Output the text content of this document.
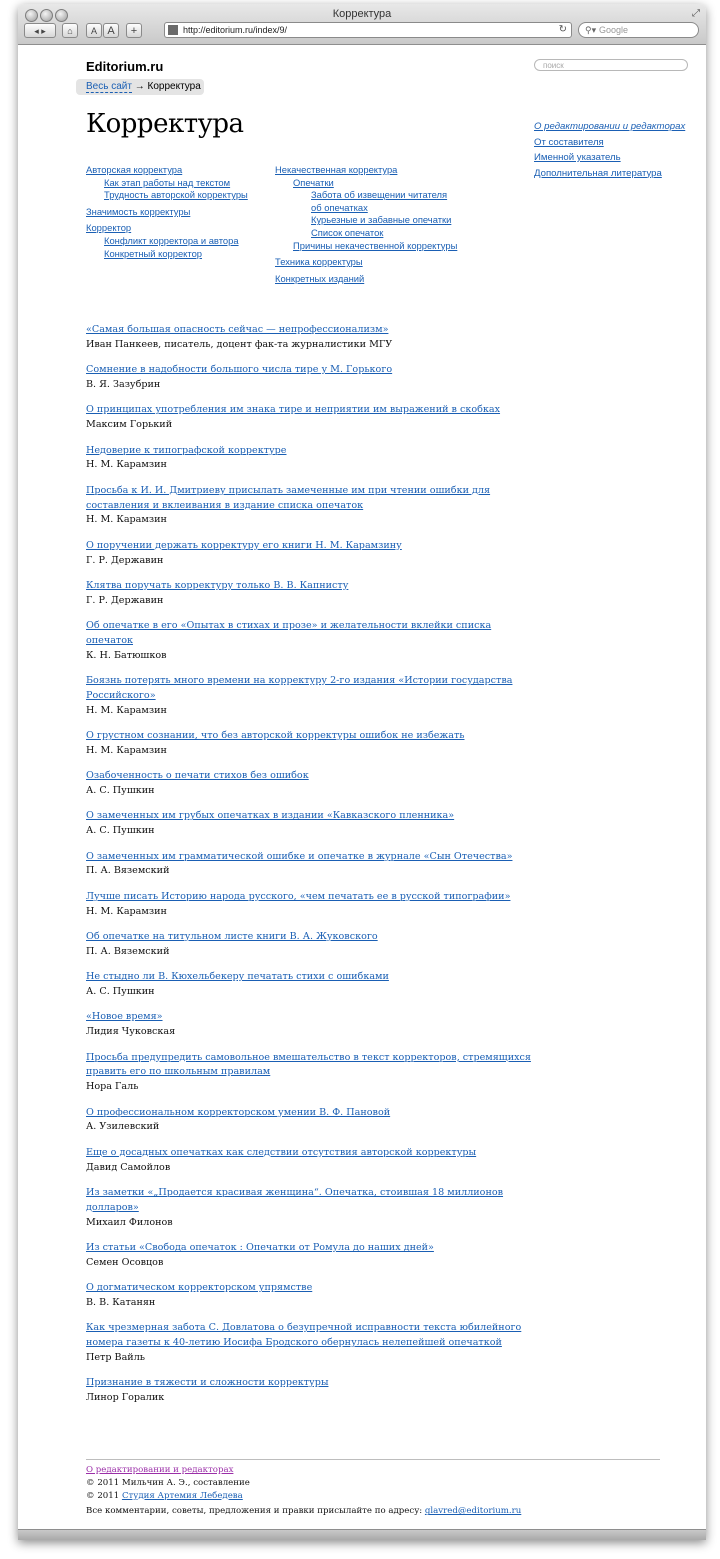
Корректура	⤢
◂ ▸	⌂	A A	+	http://editorium.ru/index/9/	↻ ⚲▾ Google
Editorium.ru
Весь сайт → Корректура
поиск
Корректура
Авторская корректура
Как этап работы над текстом
Трудность авторской корректуры
Значимость корректуры
Корректор
Конфликт корректора и автора
Конкретный корректор
Некачественная корректура
Опечатки
Забота об извещении читателя
об опечатках
Курьезные и забавные опечатки
Список опечаток
Причины некачественной корректуры
Техника корректуры
Конкретных изданий
О редактировании и редакторах
От составителя
Именной указатель
Дополнительная литература
«Самая большая опасность сейчас — непрофессионализм»
Иван Панкеев, писатель, доцент фак-та журналистики МГУ
Сомнение в надобности большого числа тире у М. Горького
В. Я. Зазубрин
О принципах употребления им знака тире и неприятии им выражений в скобках
Максим Горький
Недоверие к типографской корректуре
Н. М. Карамзин
Просьба к И. И. Дмитриеву присылать замеченные им при чтении ошибки для составления и вклеивания в издание списка опечаток
Н. М. Карамзин
О поручении держать корректуру его книги Н. М. Карамзину
Г. Р. Державин
Клятва поручать корректуру только В. В. Капнисту
Г. Р. Державин
Об опечатке в его «Опытах в стихах и прозе» и желательности вклейки списка опечаток
К. Н. Батюшков
Боязнь потерять много времени на корректуру 2-го издания «Истории государства Российского»
Н. М. Карамзин
О грустном сознании, что без авторской корректуры ошибок не избежать
Н. М. Карамзин
Озабоченность о печати стихов без ошибок
А. С. Пушкин
О замеченных им грубых опечатках в издании «Кавказского пленника»
А. С. Пушкин
О замеченных им грамматической ошибке и опечатке в журнале «Сын Отечества»
П. А. Вяземский
Лучше писать Историю народа русского, «чем печатать ее в русской типографии»
Н. М. Карамзин
Об опечатке на титульном листе книги В. А. Жуковского
П. А. Вяземский
Не стыдно ли В. Кюхельбекеру печатать стихи с ошибками
А. С. Пушкин
«Новое время»
Лидия Чуковская
Просьба предупредить самовольное вмешательство в текст корректоров, стремящихся править его по школьным правилам
Нора Галь
О профессиональном корректорском умении В. Ф. Пановой
А. Узилевский
Еще о досадных опечатках как следствии отсутствия авторской корректуры
Давид Самойлов
Из заметки «„Продается красивая женщина“. Опечатка, стоившая 18 миллионов долларов»
Михаил Филонов
Из статьи «Свобода опечаток : Опечатки от Ромула до наших дней»
Семен Осовцов
О догматическом корректорском упрямстве
В. В. Катанян
Как чрезмерная забота С. Довлатова о безупречной исправности текста юбилейного номера газеты к 40-летию Иосифа Бродского обернулась нелепейшей опечаткой
Петр Вайль
Признание в тяжести и сложности корректуры
Линор Горалик
О редактировании и редакторах
© 2011 Мильчин А. Э., составление
© 2011 Студия Артемия Лебедева
Все комментарии, советы, предложения и правки присылайте по адресу: glavred@editorium.ru
